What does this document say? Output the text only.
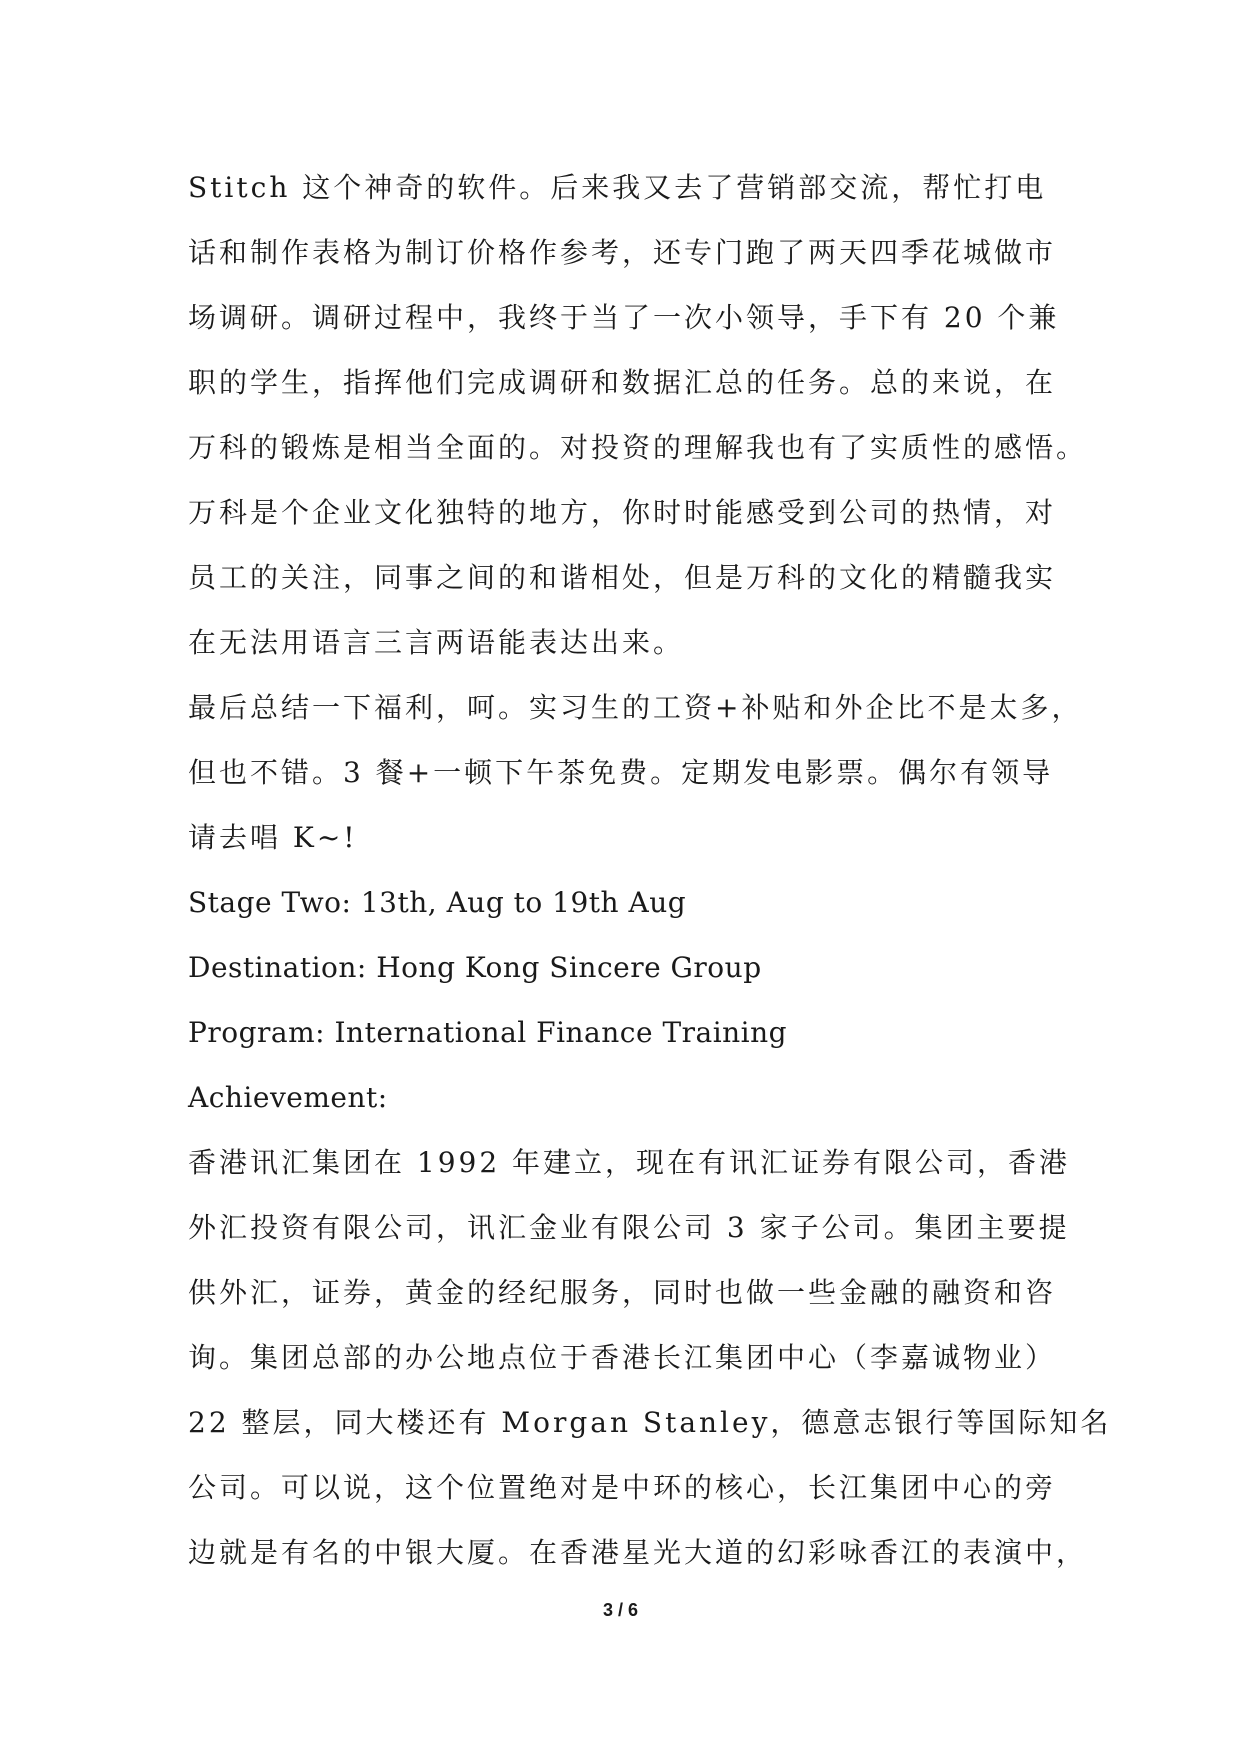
Stitch 这个神奇的软件。后来我又去了营销部交流，帮忙打电
话和制作表格为制订价格作参考，还专门跑了两天四季花城做市
场调研。调研过程中，我终于当了一次小领导，手下有 20 个兼
职的学生，指挥他们完成调研和数据汇总的任务。总的来说，在
万科的锻炼是相当全面的。对投资的理解我也有了实质性的感悟。
万科是个企业文化独特的地方，你时时能感受到公司的热情，对
员工的关注，同事之间的和谐相处，但是万科的文化的精髓我实
在无法用语言三言两语能表达出来。
最后总结一下福利，呵。实习生的工资+补贴和外企比不是太多，
但也不错。3 餐+一顿下午茶免费。定期发电影票。偶尔有领导
请去唱 K~!
Stage Two: 13th, Aug to 19th Aug
Destination: Hong Kong Sincere Group
Program: International Finance Training
Achievement:
香港讯汇集团在 1992 年建立，现在有讯汇证券有限公司，香港
外汇投资有限公司，讯汇金业有限公司 3 家子公司。集团主要提
供外汇，证券，黄金的经纪服务，同时也做一些金融的融资和咨
询。集团总部的办公地点位于香港长江集团中心（李嘉诚物业）
22 整层，同大楼还有 Morgan Stanley，德意志银行等国际知名
公司。可以说，这个位置绝对是中环的核心，长江集团中心的旁
边就是有名的中银大厦。在香港星光大道的幻彩咏香江的表演中，
3 / 6
